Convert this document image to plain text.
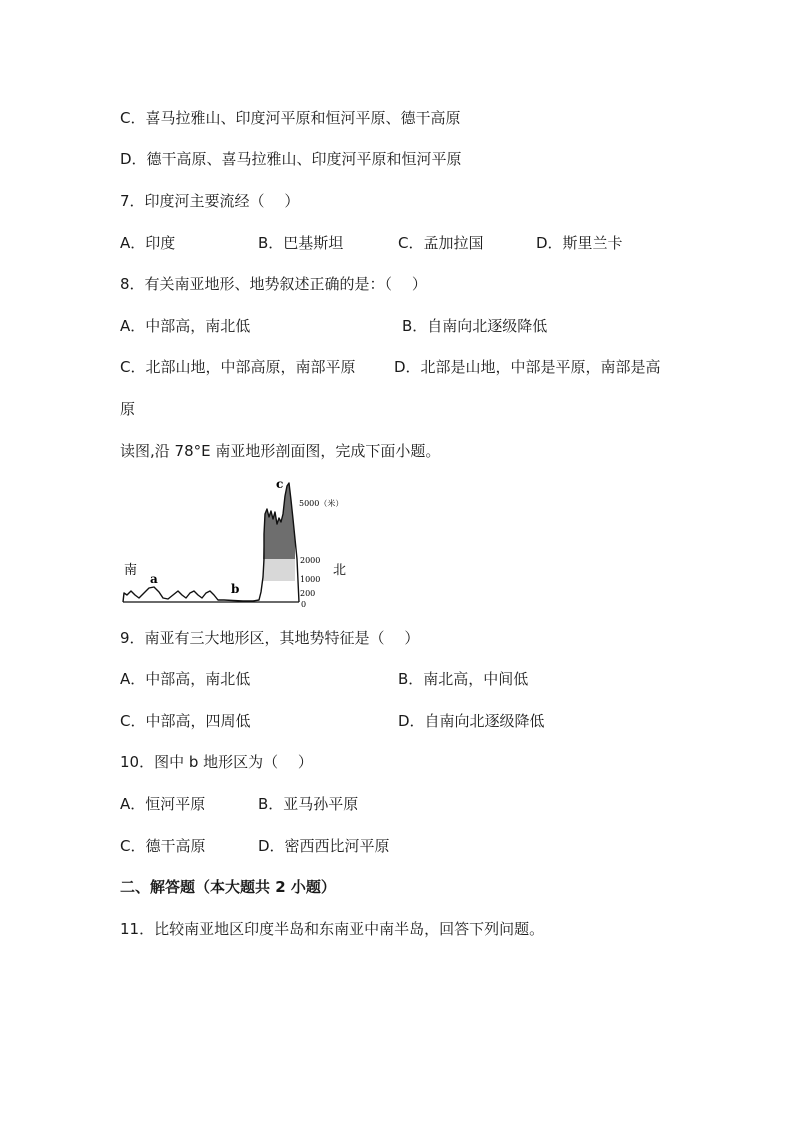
C．喜马拉雅山、印度河平原和恒河平原、德干高原
D．德干高原、喜马拉雅山、印度河平原和恒河平原
7．印度河主要流经（　 ）
A．印度	B．巴基斯坦	C．孟加拉国	D．斯里兰卡
8．有关南亚地形、地势叙述正确的是：（　 ）
A．中部高，南北低	B．自南向北逐级降低
C．北部山地，中部高原，南部平原	D．北部是山地，中部是平原，南部是高
原
读图,沿 78°E 南亚地形剖面图，完成下面小题。
南	北
a
b
c
5000（米）
2000
1000
200
0
9．南亚有三大地形区，其地势特征是（　 ）
A．中部高，南北低	B．南北高，中间低
C．中部高，四周低	D．自南向北逐级降低
10．图中 b 地形区为（　 ）
A．恒河平原	B．亚马孙平原
C．德干高原	D．密西西比河平原
二、解答题（本大题共 2 小题）
11．比较南亚地区印度半岛和东南亚中南半岛，回答下列问题。
